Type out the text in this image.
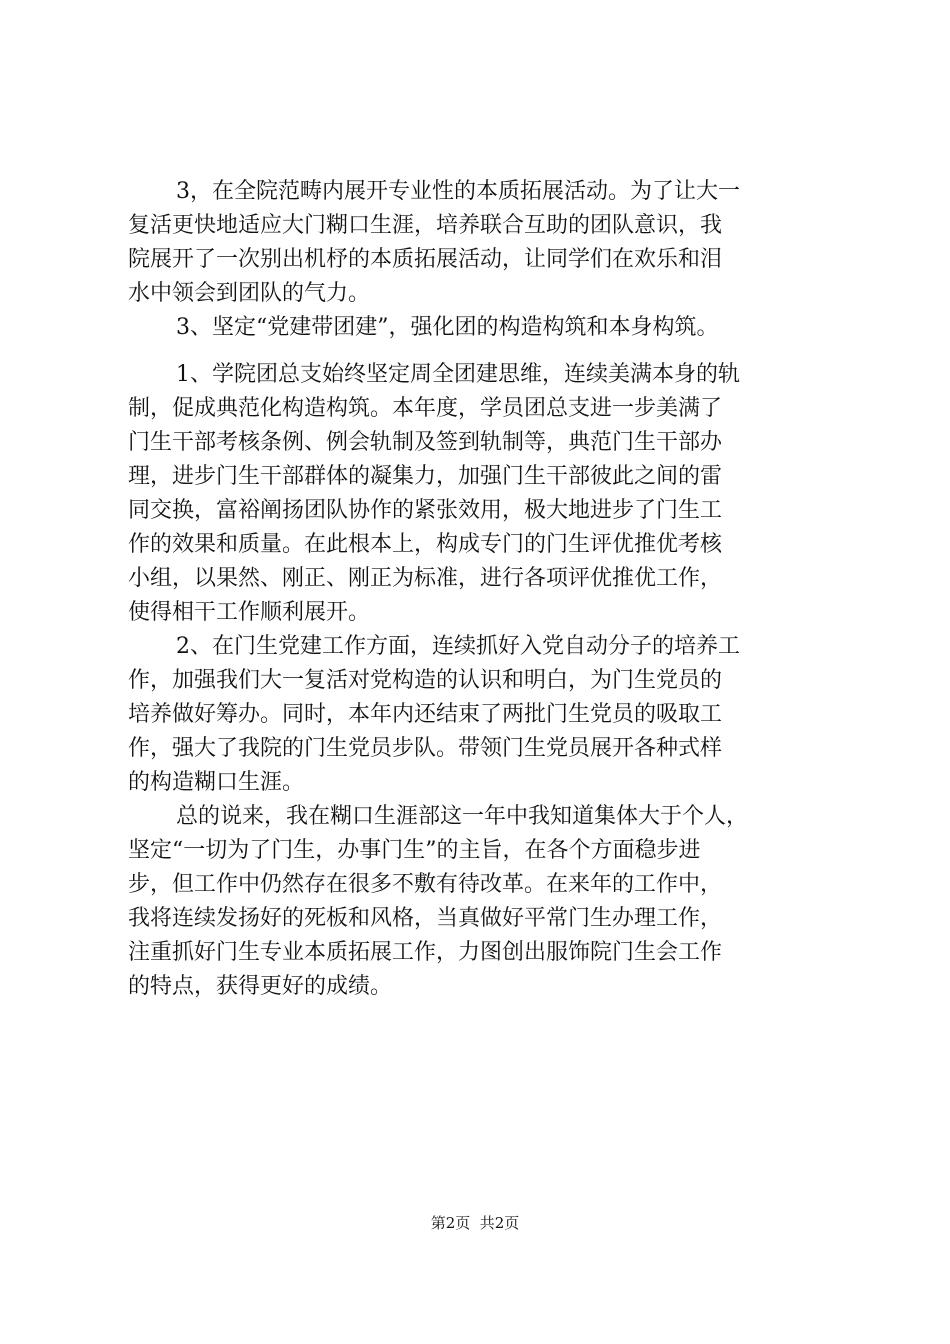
3，在全院范畴内展开专业性的本质拓展活动。为了让大一
复活更快地适应大门糊口生涯，培养联合互助的团队意识，我
院展开了一次别出机杼的本质拓展活动，让同学们在欢乐和泪
水中领会到团队的气力。
3、坚定“党建带团建”，强化团的构造构筑和本身构筑。
1、学院团总支始终坚定周全团建思维，连续美满本身的轨
制，促成典范化构造构筑。本年度，学员团总支进一步美满了
门生干部考核条例、例会轨制及签到轨制等，典范门生干部办
理，进步门生干部群体的凝集力，加强门生干部彼此之间的雷
同交换，富裕阐扬团队协作的紧张效用，极大地进步了门生工
作的效果和质量。在此根本上，构成专门的门生评优推优考核
小组，以果然、刚正、刚正为标准，进行各项评优推优工作，
使得相干工作顺利展开。
2、在门生党建工作方面，连续抓好入党自动分子的培养工
作，加强我们大一复活对党构造的认识和明白，为门生党员的
培养做好筹办。同时，本年内还结束了两批门生党员的吸取工
作，强大了我院的门生党员步队。带领门生党员展开各种式样
的构造糊口生涯。
总的说来，我在糊口生涯部这一年中我知道集体大于个人，
坚定“一切为了门生，办事门生”的主旨，在各个方面稳步进
步，但工作中仍然存在很多不敷有待改革。在来年的工作中，
我将连续发扬好的死板和风格，当真做好平常门生办理工作，
注重抓好门生专业本质拓展工作，力图创出服饰院门生会工作
的特点，获得更好的成绩。
第2页  共2页
